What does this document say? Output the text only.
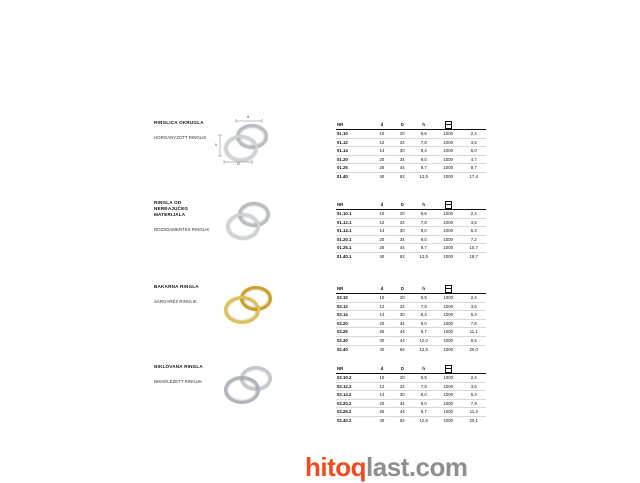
RINGLICA OKRUGLA
HORGANYZOTT RINGLIK
d
h
D
NR	d	D	h		
01.10	10	20	6,5	1000	2,4
01.12	12	24	7,8	1000	3,6
01.14	14	30	8,4	1000	5,0
01.20	20	34	9,0	1000	4,7
01.25	25	44	9,7	1000	9,7
01.40	40	62	12,5	1000	17,4
RINGLA OD NERĐAJUĆEG MATERIJALA
ROZSDAMENTES RINGLIK
NR	d	D	h		
01.10.1	10	20	6,5	1000	2,4
01.12.1	12	24	7,8	1000	3,6
01.14.1	14	30	8,0	1000	5,3
01.20.1	20	34	9,0	1000	7,2
01.25.1	25	44	9,7	1000	10,7
01.40.1	40	62	12,5	1000	18,7
BAKARNA RINGLA
SÁRGARÉZ RINGLIK
NR	d	D	h		
02.10	10	20	6,5	1000	2,4
02.12	12	24	7,8	1000	3,6
02.14	14	30	8,4	1000	5,4
02.20	20	34	9,0	1000	7,8
02.25	25	44	9,7	1000	11,1
02.30	30	44	12,0	1000	9,5
02.40	40	62	12,5	1000	20,0
NIKLOVANA RINGLA
NIKKELEZETT RINGLIK
NR	d	D	h		
02.10.2	10	20	6,5	1000	2,4
02.12.2	12	24	7,8	1000	3,6
02.14.2	14	30	9,0	1000	5,4
02.20.2	20	34	9,0	1000	7,9
02.25.2	25	44	9,7	1000	11,3
02.40.2	40	62	12,5	1000	20,1
hitoqlast.com
